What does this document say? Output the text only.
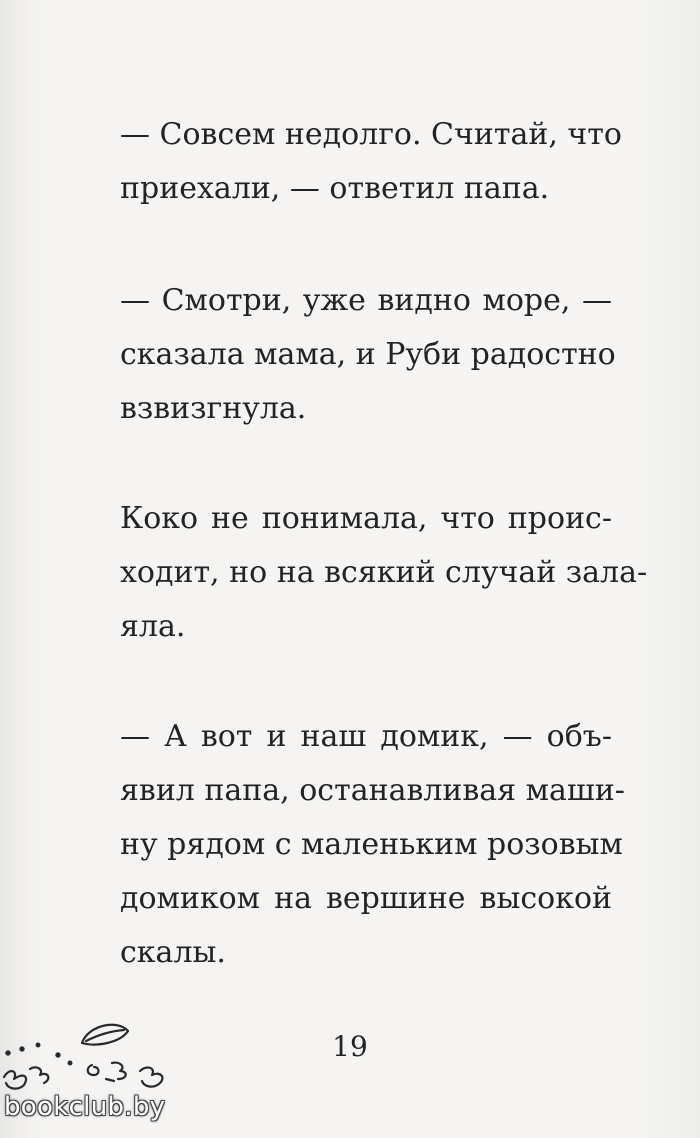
— Совсем недолго. Считай, что
приехали, — ответил папа.
— Смотри, уже видно море, —
сказала мама, и Руби радостно
взвизгнула.
Коко не понимала, что проис-
ходит, но на всякий случай зала-
яла.
— А вот и наш домик, — объ-
явил папа, останавливая маши-
ну рядом с маленьким розовым
домиком на вершине высокой
скалы.
19
bookclub.by
